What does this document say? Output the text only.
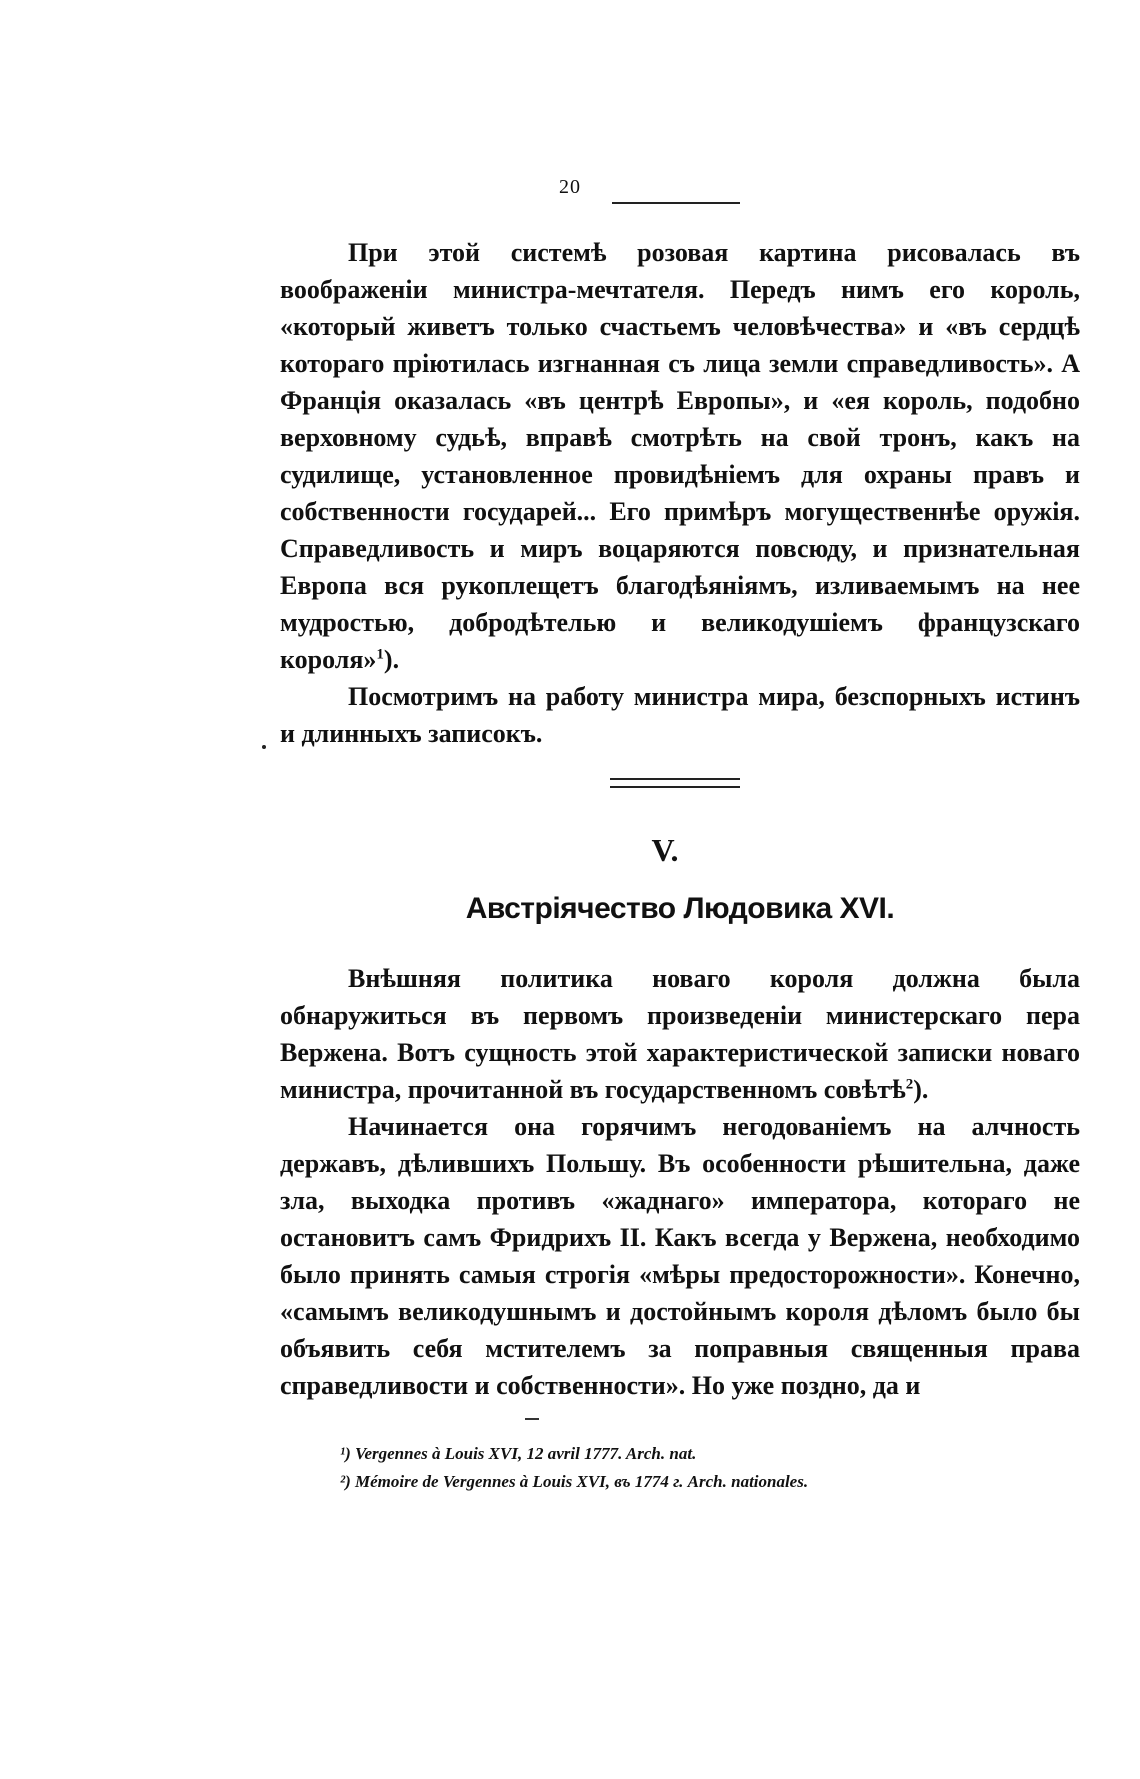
20

При этой системѣ розовая картина рисовалась въ воображеніи министра-мечтателя. Передъ нимъ его король, «который живетъ только счастьемъ человѣчества» и «въ сердцѣ котораго пріютилась изгнанная съ лица земли справедливость». А Франція оказалась «въ центрѣ Европы», и «ея король, подобно верховному судьѣ, вправѣ смотрѣть на свой тронъ, какъ на судилище, установленное провидѣніемъ для охраны правъ и собственности государей... Его примѣръ могущественнѣе оружія. Справедливость и миръ воцаряются повсюду, и признательная Европа вся рукоплещетъ благодѣяніямъ, изливаемымъ на нее мудростью, добродѣтелью и великодушіемъ французскаго короля»$^1$).

Посмотримъ на работу министра мира, безспорныхъ истинъ и длинныхъ записокъ.

V.
Австріячество Людовика XVI.

Внѣшняя политика новаго короля должна была обнаружиться въ первомъ произведеніи министерскаго пера Вержена. Вотъ сущность этой характеристической записки новаго министра, прочитанной въ государственномъ совѣтѣ$^2$).

Начинается она горячимъ негодованіемъ на алчность державъ, дѣлившихъ Польшу. Въ особенности рѣшительна, даже зла, выходка противъ «жаднаго» императора, котораго не остановитъ самъ Фридрихъ II. Какъ всегда у Вержена, необходимо было принять самыя строгія «мѣры предосторожности». Конечно, «самымъ великодушнымъ и достойнымъ короля дѣломъ было бы объявить себя мстителемъ за поправныя священныя права справедливости и собственности». Но уже поздно, да и

¹) Vergennes à Louis XVI, 12 avril 1777. Arch. nat.
²) Mémoire de Vergennes à Louis XVI, въ 1774 г. Arch. nationales.
